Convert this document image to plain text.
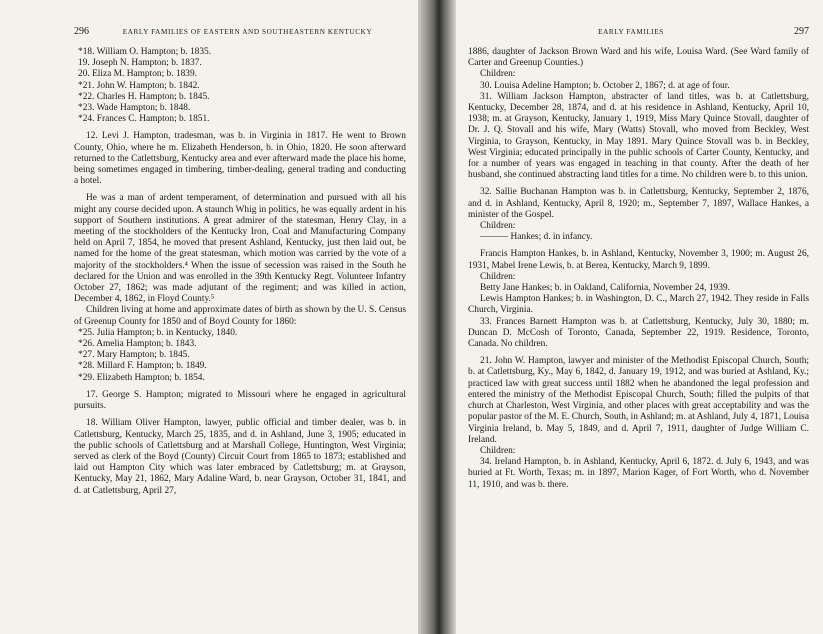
296	EARLY FAMILIES OF EASTERN AND SOUTHEASTERN KENTUCKY
*18. William O. Hampton; b. 1835.
19. Joseph N. Hampton; b. 1837.
20. Eliza M. Hampton; b. 1839.
*21. John W. Hampton; b. 1842.
*22. Charles H. Hampton; b. 1845.
*23. Wade Hampton; b. 1848.
*24. Frances C. Hampton; b. 1851.

12. Levi J. Hampton, tradesman, was b. in Virginia in 1817. He went to Brown County, Ohio, where he m. Elizabeth Henderson, b. in Ohio, 1820. He soon afterward returned to the Catlettsburg, Kentucky area and ever afterward made the place his home, being sometimes engaged in timbering, timber-dealing, general trading and conducting a hotel.

He was a man of ardent temperament, of determination and pursued with all his might any course decided upon. A staunch Whig in politics, he was equally ardent in his support of Southern institutions. A great admirer of the statesman, Henry Clay, in a meeting of the stockholders of the Kentucky Iron, Coal and Manufacturing Company held on April 7, 1854, he moved that present Ashland, Kentucky, just then laid out, be named for the home of the great statesman, which motion was carried by the vote of a majority of the stockholders.⁴ When the issue of secession was raised in the South he declared for the Union and was enrolled in the 39th Kentucky Regt. Volunteer Infantry October 27, 1862; was made adjutant of the regiment; and was killed in action, December 4, 1862, in Floyd County.⁵

Children living at home and approximate dates of birth as shown by the U. S. Census of Greenup County for 1850 and of Boyd County for 1860:

*25. Julia Hampton; b. in Kentucky, 1840.
*26. Amelia Hampton; b. 1843.
*27. Mary Hampton; b. 1845.
*28. Millard F. Hampton; b. 1849.
*29. Elizabeth Hampton; b. 1854.

17. George S. Hampton; migrated to Missouri where he engaged in agricultural pursuits.

18. William Oliver Hampton, lawyer, public official and timber dealer, was b. in Catlettsburg, Kentucky, March 25, 1835, and d. in Ashland, June 3, 1905; educated in the public schools of Catlettsburg and at Marshall College, Huntington, West Virginia; served as clerk of the Boyd (County) Circuit Court from 1865 to 1873; established and laid out Hampton City which was later embraced by Catlettsburg; m. at Grayson, Kentucky, May 21, 1862, Mary Adaline Ward, b. near Grayson, October 31, 1841, and d. at Catlettsburg, April 27,

EARLY FAMILIES	297

1886, daughter of Jackson Brown Ward and his wife, Louisa Ward. (See Ward family of Carter and Greenup Counties.)

Children:

30. Louisa Adeline Hampton; b. October 2, 1867; d. at age of four.

31. William Jackson Hampton, abstracter of land titles, was b. at Catlettsburg, Kentucky, December 28, 1874, and d. at his residence in Ashland, Kentucky, April 10, 1938; m. at Grayson, Kentucky, January 1, 1919, Miss Mary Quince Stovall, daughter of Dr. J. Q. Stovall and his wife, Mary (Watts) Stovall, who moved from Beckley, West Virginia, to Grayson, Kentucky, in May 1891. Mary Quince Stovall was b. in Beckley, West Virginia; educated principally in the public schools of Carter County, Kentucky, and for a number of years was engaged in teaching in that county. After the death of her husband, she continued abstracting land titles for a time. No children were b. to this union.

32. Sallie Buchanan Hampton was b. in Catlettsburg, Kentucky, September 2, 1876, and d. in Ashland, Kentucky, April 8, 1920; m., September 7, 1897, Wallace Hankes, a minister of the Gospel.

Children:

——— Hankes; d. in infancy.

Francis Hampton Hankes, b. in Ashland, Kentucky, November 3, 1900; m. August 26, 1931, Mabel Irene Lewis, b. at Berea, Kentucky, March 9, 1899.

Children:

Betty Jane Hankes; b. in Oakland, California, November 24, 1939.

Lewis Hampton Hankes; b. in Washington, D. C., March 27, 1942. They reside in Falls Church, Virginia.

33. Frances Barnett Hampton was b. at Catlettsburg, Kentucky, July 30, 1880; m. Duncan D. McCosh of Toronto, Canada, September 22, 1919. Residence, Toronto, Canada. No children.

21. John W. Hampton, lawyer and minister of the Methodist Episcopal Church, South; b. at Catlettsburg, Ky., May 6, 1842, d. January 19, 1912, and was buried at Ashland, Ky.; practiced law with great success until 1882 when he abandoned the legal profession and entered the ministry of the Methodist Episcopal Church, South; filled the pulpits of that church at Charleston, West Virginia, and other places with great acceptability and was the popular pastor of the M. E. Church, South, in Ashland; m. at Ashland, July 4, 1871, Louisa Virginia Ireland, b. May 5, 1849, and d. April 7, 1911, daughter of Judge William C. Ireland.

Children:

34. Ireland Hampton, b. in Ashland, Kentucky, April 6, 1872. d. July 6, 1943, and was buried at Ft. Worth, Texas; m. in 1897, Marion Kager, of Fort Worth, who d. November 11, 1910, and was b. there.
